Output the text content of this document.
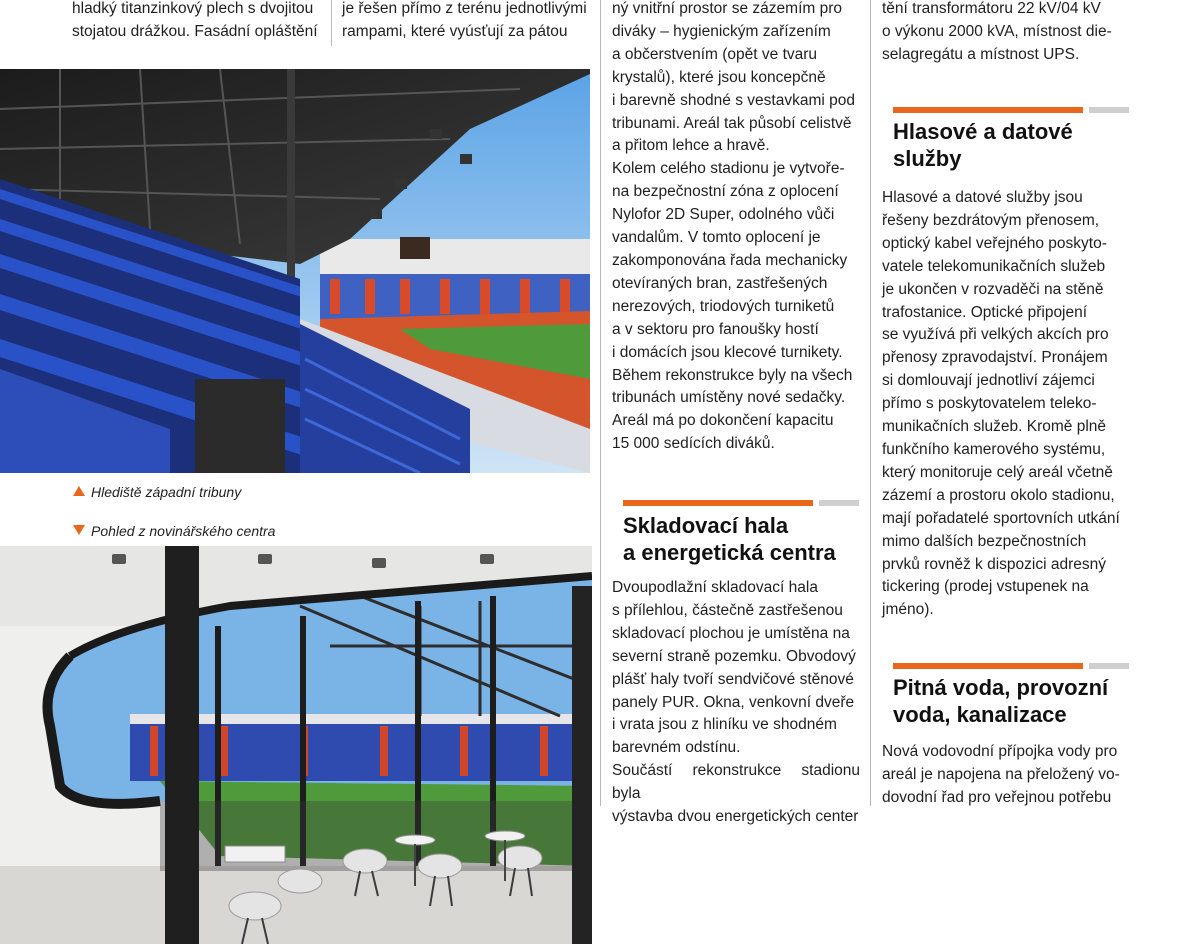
hladký titanzinkový plech s dvojitou

stojatou drážkou. Fasádní opláštění

je řešen přímo z terénu jednotlivými

rampami, které vyúsťují za pátou

Hlediště západní tribuny
Pohled z novinářského centra

ný vnitřní prostor se zázemím pro

diváky – hygienickým zařízením

a občerstvením (opět ve tvaru

krystalů), které jsou koncepčně

i barevně shodné s vestavkami pod

tribunami. Areál tak působí celistvě

a přitom lehce a hravě.

Kolem celého stadionu je vytvoře-

na bezpečnostní zóna z oplocení

Nylofor 2D Super, odolného vůči

vandalům. V tomto oplocení je

zakomponována řada mechanicky

otevíraných bran, zastřešených

nerezových, triodových turniketů

a v sektoru pro fanoušky hostí

i domácích jsou klecové turnikety.

Během rekonstrukce byly na všech

tribunách umístěny nové sedačky.

Areál má po dokončení kapacitu

15 000 sedících diváků.

Skladovací hala
a energetická centra

Dvoupodlažní skladovací hala

s přílehlou, částečně zastřešenou

skladovací plochou je umístěna na

severní straně pozemku. Obvodový

plášť haly tvoří sendvičové stěnové

panely PUR. Okna, venkovní dveře

i vrata jsou z hliníku ve shodném

barevném odstínu.

Součástí rekonstrukce stadionu byla

výstavba dvou energetických center

tění transformátoru 22 kV/04 kV

o výkonu 2000 kVA, místnost die-

selagregátu a místnost UPS.

Hlasové a datové
služby

Hlasové a datové služby jsou

řešeny bezdrátovým přenosem,

optický kabel veřejného poskyto-

vatele telekomunikačních služeb

je ukončen v rozvaděči na stěně

trafostanice. Optické připojení

se využívá při velkých akcích pro

přenosy zpravodajství. Pronájem

si domlouvají jednotliví zájemci

přímo s poskytovatelem teleko-

munikačních služeb. Kromě plně

funkčního kamerového systému,

který monitoruje celý areál včetně

zázemí a prostoru okolo stadionu,

mají pořadatelé sportovních utkání

mimo dalších bezpečnostních

prvků rovněž k dispozici adresný

tickering (prodej vstupenek na

jméno).

Pitná voda, provozní
voda, kanalizace

Nová vodovodní přípojka vody pro

areál je napojena na přeložený vo-

dovodní řad pro veřejnou potřebu
